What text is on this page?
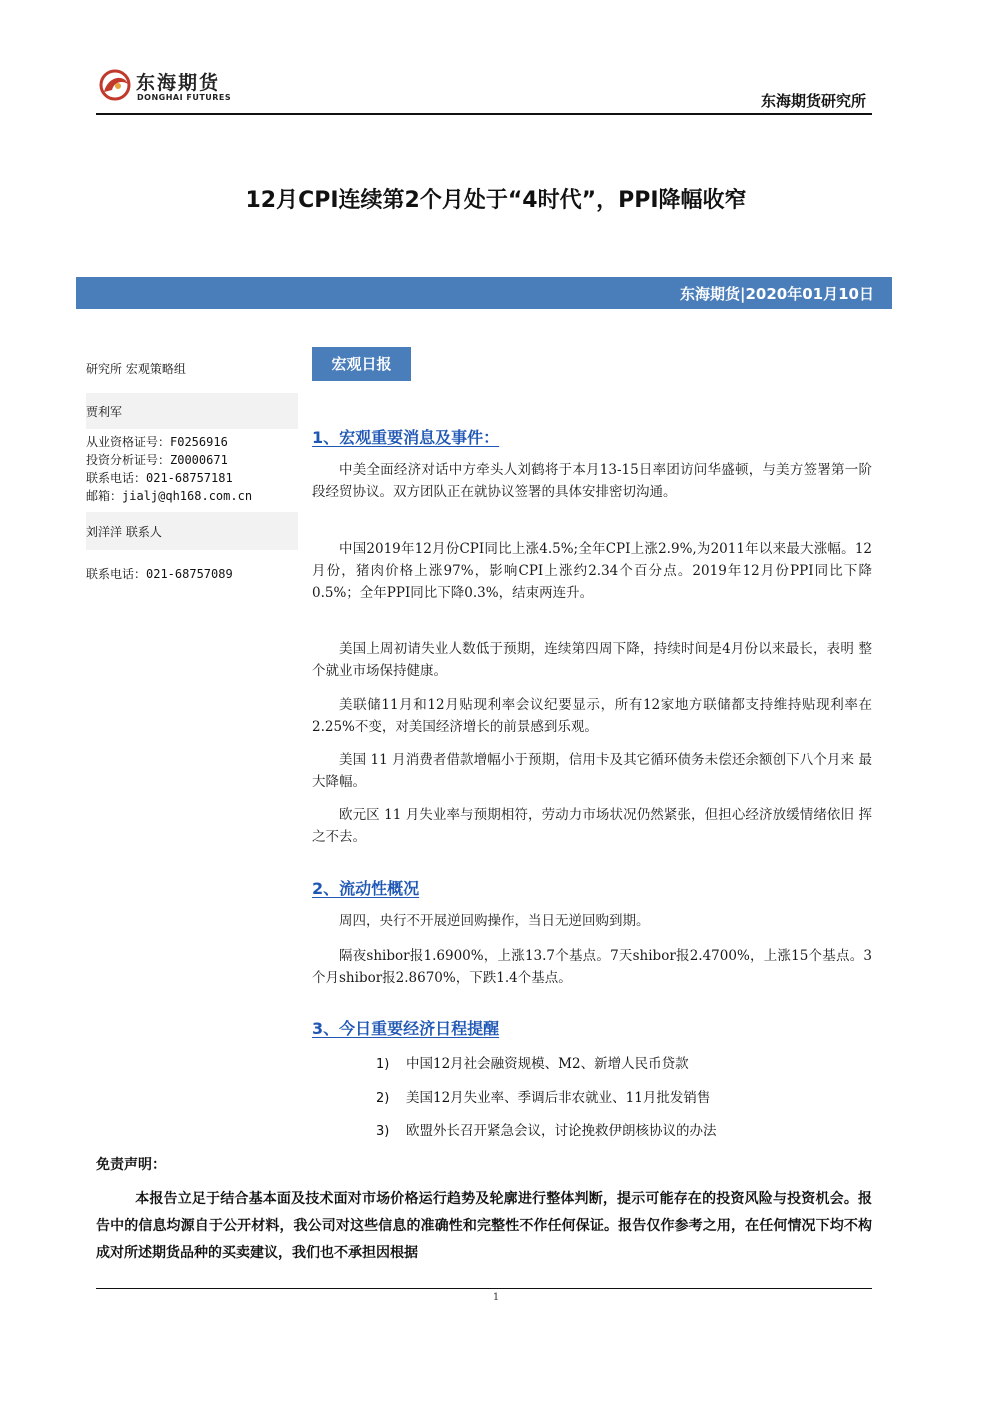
东海期货
DONGHAI FUTURES	东海期货研究所
12月CPI连续第2个月处于“4时代”，PPI降幅收窄
东海期货|2020年01月10日
研究所 宏观策略组
贾利军
从业资格证号：F0256916
投资分析证号：Z0000671
联系电话：021-68757181
邮箱：jialj@qh168.com.cn
刘洋洋 联系人
联系电话：021-68757089
宏观日报
1、宏观重要消息及事件：
中美全面经济对话中方牵头人刘鹤将于本月13-15日率团访问华盛顿，与美方签署第一阶段经贸协议。双方团队正在就协议签署的具体安排密切沟通。
中国2019年12月份CPI同比上涨4.5%;全年CPI上涨2.9%,为2011年以来最大涨幅。12月份，猪肉价格上涨97%，影响CPI上涨约2.34个百分点。2019年12月份PPI同比下降0.5%；全年PPI同比下降0.3%，结束两连升。
美国上周初请失业人数低于预期，连续第四周下降，持续时间是4月份以来最长，表明 整个就业市场保持健康。
美联储11月和12月贴现利率会议纪要显示，所有12家地方联储都支持维持贴现利率在 2.25%不变，对美国经济增长的前景感到乐观。
美国 11 月消费者借款增幅小于预期，信用卡及其它循环债务未偿还余额创下八个月来 最大降幅。
欧元区 11 月失业率与预期相符，劳动力市场状况仍然紧张，但担心经济放缓情绪依旧 挥之不去。
2、流动性概况
周四，央行不开展逆回购操作，当日无逆回购到期。
隔夜shibor报1.6900%，上涨13.7个基点。7天shibor报2.4700%，上涨15个基点。3个月shibor报2.8670%，下跌1.4个基点。
3、今日重要经济日程提醒
1) 中国12月社会融资规模、M2、新增人民币贷款
2) 美国12月失业率、季调后非农就业、11月批发销售
3) 欧盟外长召开紧急会议，讨论挽救伊朗核协议的办法
免责声明：
本报告立足于结合基本面及技术面对市场价格运行趋势及轮廓进行整体判断，提示可能存在的投资风险与投资机会。报告中的信息均源自于公开材料，我公司对这些信息的准确性和完整性不作任何保证。报告仅作参考之用，在任何情况下均不构成对所述期货品种的买卖建议，我们也不承担因根据
1
